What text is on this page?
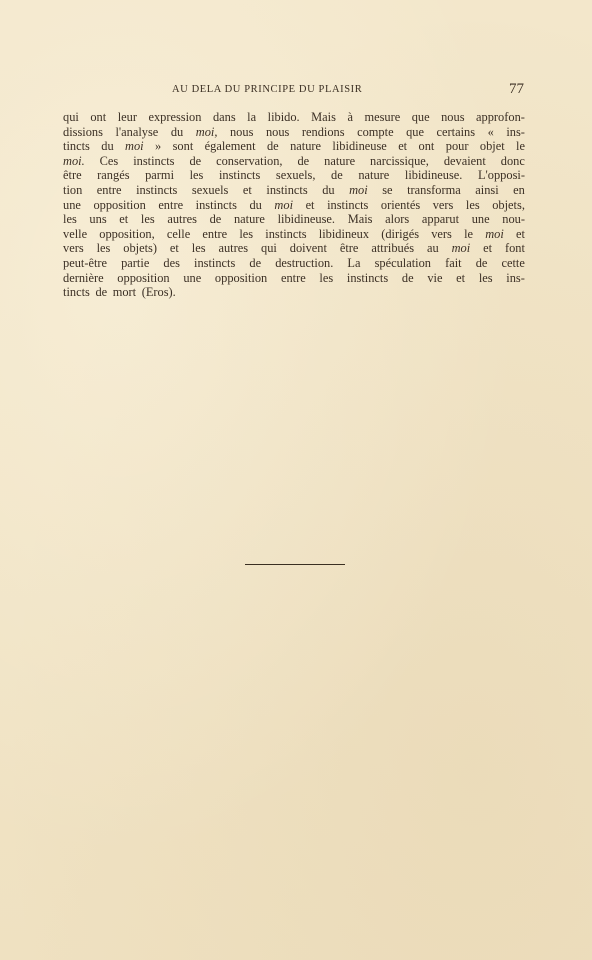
AU DELA DU PRINCIPE DU PLAISIR	77
qui ont leur expression dans la libido. Mais à mesure que nous approfon-
dissions l'analyse du moi, nous nous rendions compte que certains « ins-
tincts du moi » sont également de nature libidineuse et ont pour objet le
moi. Ces instincts de conservation, de nature narcissique, devaient donc
être rangés parmi les instincts sexuels, de nature libidineuse. L'opposi-
tion entre instincts sexuels et instincts du moi se transforma ainsi en
une opposition entre instincts du moi et instincts orientés vers les objets,
les uns et les autres de nature libidineuse. Mais alors apparut une nou-
velle opposition, celle entre les instincts libidineux (dirigés vers le moi et
vers les objets) et les autres qui doivent être attribués au moi et font
peut-être partie des instincts de destruction. La spéculation fait de cette
dernière opposition une opposition entre les instincts de vie et les ins-
tincts de mort (Eros).
